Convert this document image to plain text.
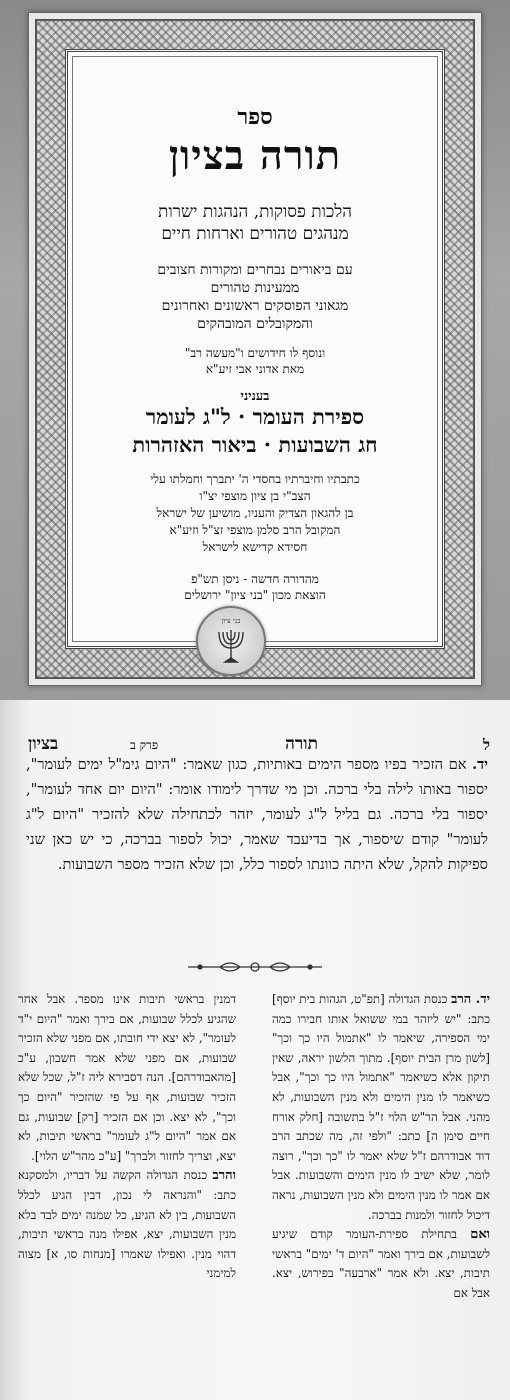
ספר
תורה בציון
הלכות פסוקות, הנהגות ישרות
מנהגים טהורים וארחות חיים
עם ביאורים נבחרים ומקורות חצובים
ממעינות טהורים
מגאוני הפוסקים ראשונים ואחרונים
והמקובלים המובהקים
ונוסף לו חידושים ו"מעשה רב"
מאת אדוני אבי זיע"א
בעניני
ספירת העומר · ל"ג לעומר
חג השבועות · ביאור האזהרות
כתבתיו וחיברתיו בחסדי ה' יתברך וחמלתו עלי
הצב"י בן ציון מוצפי יצ"ו
בן להגאון הצדיק והעניו, מושיען של ישראל
המקובל הרב סלמן מוצפי זצ"ל וזיע"א
חסידא קדישא לישראל
מהדורה חדשה - ניסן תש"פ
הוצאת מכון "בני ציון" ירושלים
בני ציון
ל
תורה
פרק ב
בציון
יד. אם הזכיר בפיו מספר הימים באותיות, כגון שאמר: "היום גימ"ל ימים לעומר", יספור באותו לילה בלי ברכה. וכן מי שדרך לימודו אומר: "היום יום אחד לעומר", יספור בלי ברכה. גם בליל ל"ג לעומר, יזהר לכתחילה שלא להזכיר "היום ל"ג לעומר" קודם שיספור, אך בדיעבד שאמר, יכול לספור בברכה, כי יש כאן שני ספיקות להקל, שלא היתה כוונתו לספור כלל, וכן שלא הזכיר מספר השבועות.
יד. הרב כנסת הגדולה [תפ"ט, הגהות בית יוסף] כתב: "יש ליזהר במי ששואל אותו חבירו כמה ימי הספירה, שיאמר לו "אתמול היו כך וכך" [לשון מרן הבית יוסף]. מתוך הלשון יראה, שאין תיקון אלא כשיאמר "אתמול היו כך וכך", אבל כשיאמר לו מנין הימים ולא מנין השבועות, לא מהני. אבל הר"ש הלוי ז"ל בתשובה [חלק אורח חיים סימן ה] כתב: "ולפי זה, מה שכתב הרב דוד אבודרהם ז"ל שלא יאמר לו "כך וכך", רוצה לומר, שלא ישיב לו מנין הימים והשבועות. אבל אם אמר לו מנין הימים ולא מנין השבועות, נראה דיכול לחזור ולמנות בברכה.
ואם בתחילת ספירת-העומר קודם שיגיע לשבועות, אם בירך ואמר "היום ד' ימים" בראשי תיבות, יצא. ולא אמר "ארבעה" בפירוש, יצא. אבל אם
דמנין בראשי תיבות אינו מספר. אבל אחר שהגיע לכלל שבועות, אם בירך ואמר "היום י"ד לעומר", לא יצא ידי חובתו, אם מפני שלא הזכיר שבועות, אם מפני שלא אמר חשבון, ע"כ [מהאבודרהם]. הנה דסבירא ליה ז"ל, שכל שלא הזכיר שבועות, אף על פי שהזכיר "היום כך וכך", לא יצא. וכן אם הזכיר [רק] שבועות, גם אם אמר "היום ל"ג לעומר" בראשי תיבות, לא יצא, וצריך לחזור ולברך" [ע"כ מהר"ש הלוי].
והרב כנסת הגדולה הקשה על דבריו, ולמסקנא כתב: "והנראה לי נכון, דבין הגיע לכלל השבועות, בין לא הגיע, כל שמנה ימים לבד בלא מנין השבועות, יצא, אפילו מנה בראשי תיבות, דהוי מנין. ואפילו שאמרו [מנחות סו, א] מצוה למימני
